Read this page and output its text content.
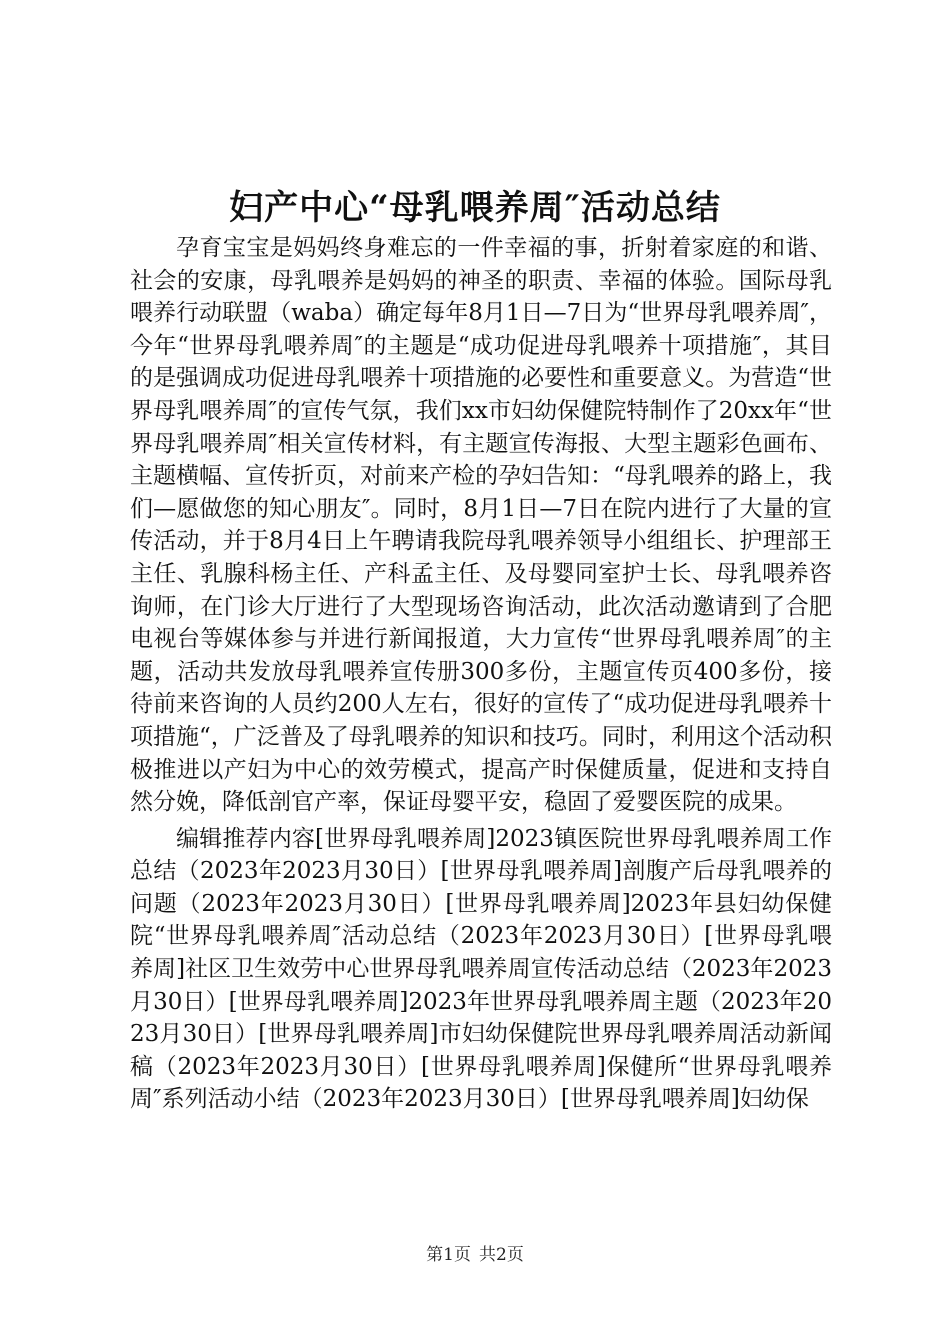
妇产中心“母乳喂养周″活动总结

孕育宝宝是妈妈终身难忘的一件幸福的事，折射着家庭的和谐、社会的安康，母乳喂养是妈妈的神圣的职责、幸福的体验。国际母乳喂养行动联盟（waba）确定每年8月1日—7日为“世界母乳喂养周″，今年“世界母乳喂养周″的主题是“成功促进母乳喂养十项措施″，其目的是强调成功促进母乳喂养十项措施的必要性和重要意义。为营造“世界母乳喂养周″的宣传气氛，我们xx市妇幼保健院特制作了20xx年“世界母乳喂养周″相关宣传材料，有主题宣传海报、大型主题彩色画布、主题横幅、宣传折页，对前来产检的孕妇告知：“母乳喂养的路上，我们—愿做您的知心朋友″。同时，8月1日—7日在院内进行了大量的宣传活动，并于8月4日上午聘请我院母乳喂养领导小组组长、护理部王主任、乳腺科杨主任、产科孟主任、及母婴同室护士长、母乳喂养咨询师，在门诊大厅进行了大型现场咨询活动，此次活动邀请到了合肥电视台等媒体参与并进行新闻报道，大力宣传“世界母乳喂养周″的主题，活动共发放母乳喂养宣传册300多份，主题宣传页400多份，接待前来咨询的人员约200人左右，很好的宣传了“成功促进母乳喂养十项措施“，广泛普及了母乳喂养的知识和技巧。同时，利用这个活动积极推进以产妇为中心的效劳模式，提高产时保健质量，促进和支持自然分娩，降低剖官产率，保证母婴平安，稳固了爱婴医院的成果。

编辑推荐内容[世界母乳喂养周]2023镇医院世界母乳喂养周工作总结（2023年2023月30日）[世界母乳喂养周]剖腹产后母乳喂养的问题（2023年2023月30日）[世界母乳喂养周]2023年县妇幼保健院“世界母乳喂养周″活动总结（2023年2023月30日）[世界母乳喂养周]社区卫生效劳中心世界母乳喂养周宣传活动总结（2023年2023月30日）[世界母乳喂养周]2023年世界母乳喂养周主题（2023年2023月30日）[世界母乳喂养周]市妇幼保健院世界母乳喂养周活动新闻稿（2023年2023月30日）[世界母乳喂养周]保健所“世界母乳喂养周″系列活动小结（2023年2023月30日）[世界母乳喂养周]妇幼保

第1页 共2页
